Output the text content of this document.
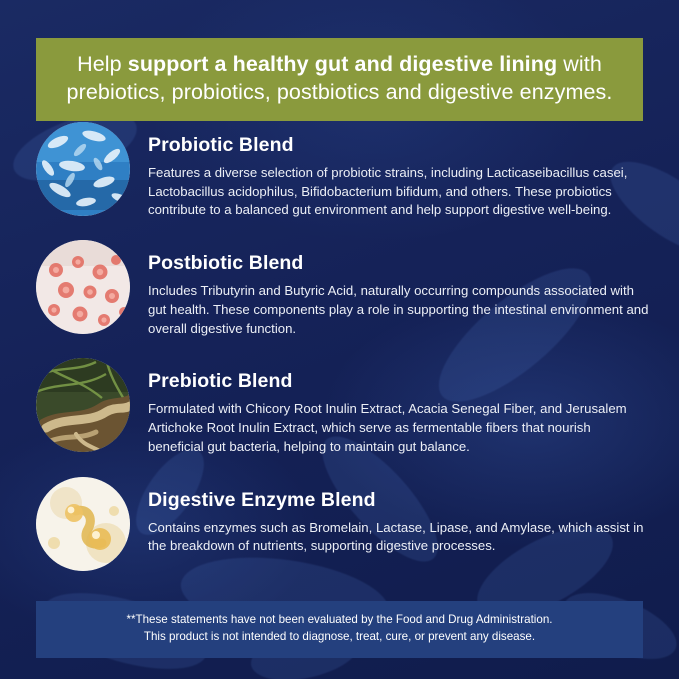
Help support a healthy gut and digestive lining with prebiotics, probiotics, postbiotics and digestive enzymes.
Probiotic Blend

Features a diverse selection of probiotic strains, including Lacticaseibacillus casei, Lactobacillus acidophilus, Bifidobacterium bifidum, and others. These probiotics contribute to a balanced gut environment and help support digestive well-being.

Postbiotic Blend

Includes Tributyrin and Butyric Acid, naturally occurring compounds associated with gut health. These components play a role in supporting the intestinal environment and overall digestive function.

Prebiotic Blend

Formulated with Chicory Root Inulin Extract, Acacia Senegal Fiber, and Jerusalem Artichoke Root Inulin Extract, which serve as fermentable fibers that nourish beneficial gut bacteria, helping to maintain gut balance.

Digestive Enzyme Blend

Contains enzymes such as Bromelain, Lactase, Lipase, and Amylase, which assist in the breakdown of nutrients, supporting digestive processes.

**These statements have not been evaluated by the Food and Drug Administration.
This product is not intended to diagnose, treat, cure, or prevent any disease.
